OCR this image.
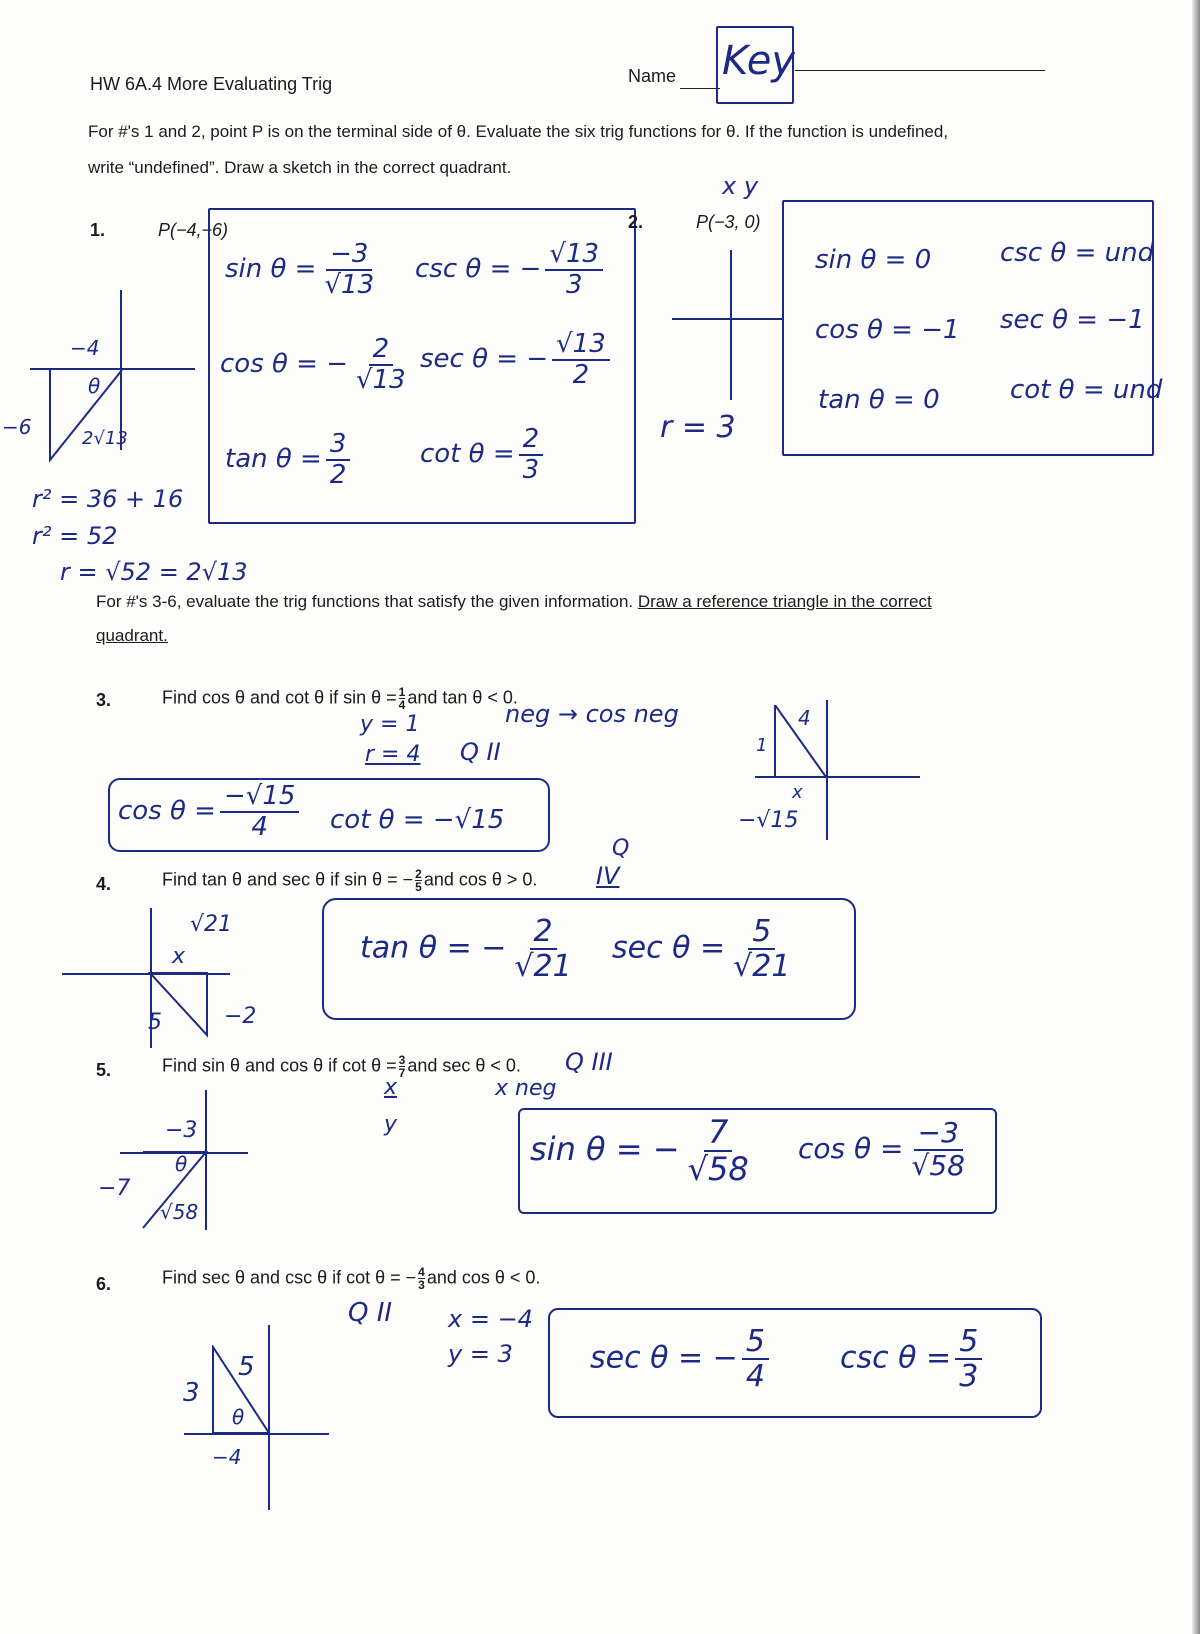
HW 6A.4 More Evaluating Trig	Name Key
For #'s 1 and 2, point P is on the terminal side of θ. Evaluate the six trig functions for θ. If the function is undefined,
write “undefined”. Draw a sketch in the correct quadrant.
1.	P(−4,−6)
$\sin \theta = \frac{-3}{√13}$ csc θ = − $\frac{√13}{3}$
cos θ = − $\frac{2}{√13}$ sec θ = − $\frac{√13}{2}$
$\tan \theta = \frac{3}{2}$	$\cot \theta = \frac{2}{3}$
−4
θ
−6	2√13
r² = 36 + 16
r² = 52
r = √52 = 2√13
2.	P(−3, 0)
x y
r = 3
sin θ = 0	csc θ = und
cos θ = −1 sec θ = −1
tan θ = 0	cot θ = und
For #'s 3-6, evaluate the trig functions that satisfy the given information. Draw a reference triangle in the correct
quadrant.
3.	Find cos θ and cot θ if $\sin \theta = \frac{1}{4}$ and tan θ < 0.
y = 1
r = 4 Q II
neg → cos neg
$\cos \theta = \frac{-√15}{4}$ cot θ = −√15
4
1
x
−√15
4.	Find tan θ and sec θ if sin θ = − $\frac{2}{5}$ and cos θ > 0.
Q
IV
√21
x
5	−2
tan θ = − $\frac{2}{√21}$ $\sec \theta = \frac{5}{√21}$
5.	Find sin θ and cos θ if $\cot \theta = \frac{3}{7}$ and sec θ < 0. Q III
x
y
x neg
−3
θ
−7
√58
sin θ = − $\frac{7}{√58}$ $\cos \theta = \frac{-3}{√58}$
6.	Find sec θ and csc θ if cot θ = − $\frac{4}{3}$ and cos θ < 0.
Q II x = −4
y = 3
5
3
θ
−4
sec θ = − $\frac{5}{4}$ $\csc \theta = \frac{5}{3}$
